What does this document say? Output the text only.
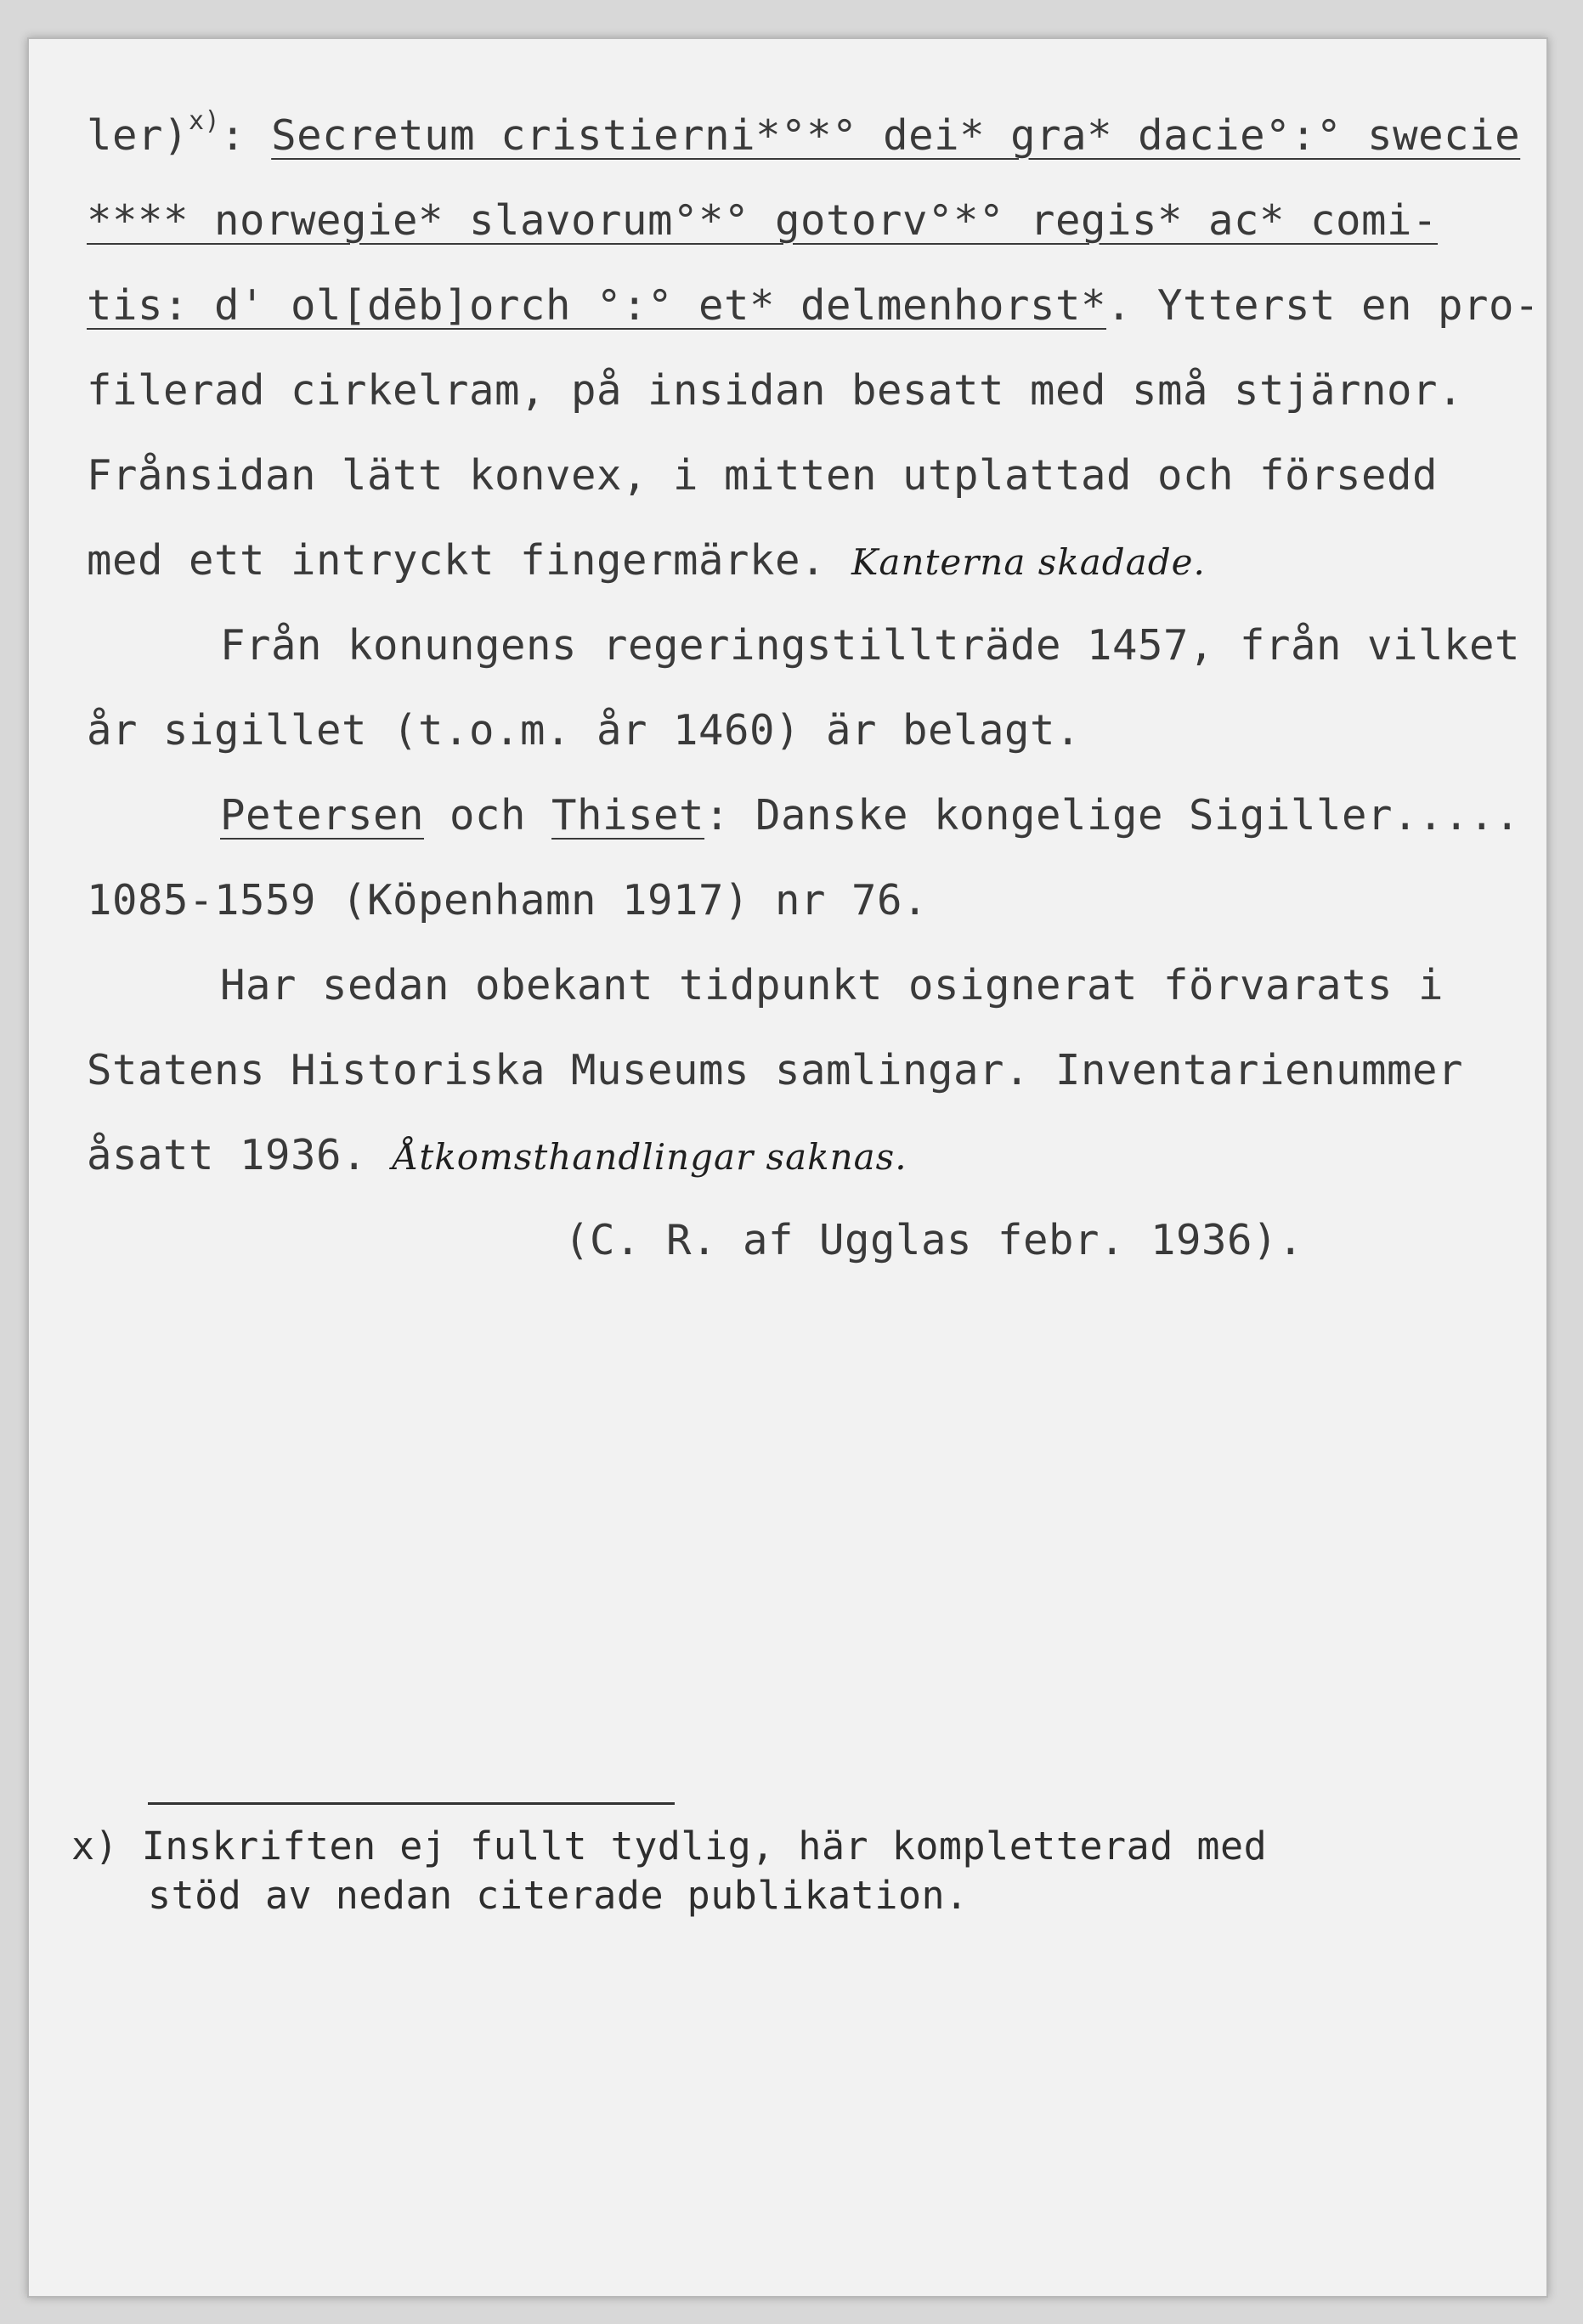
ler)$^{x)}$: Secretum cristierni*°*° dei* gra* dacie°:° swecie
**** norwegie* slavorum°*° gotorv°*° regis* ac* comi-
tis: d' ol[dēb]orch °:° et* delmenhorst*. Ytterst en pro-
filerad cirkelram, på insidan besatt med små stjärnor.
Frånsidan lätt konvex, i mitten utplattad och försedd
med ett intryckt fingermärke. Kanterna skadade.
Från konungens regeringstillträde 1457, från vilket
år sigillet (t.o.m. år 1460) är belagt.
Petersen och Thiset: Danske kongelige Sigiller.....
1085-1559 (Köpenhamn 1917) nr 76.
Har sedan obekant tidpunkt osignerat förvarats i
Statens Historiska Museums samlingar. Inventarienummer
åsatt 1936. Åtkomsthandlingar saknas.
(C. R. af Ugglas febr. 1936).
x) Inskriften ej fullt tydlig, här kompletterad med
stöd av nedan citerade publikation.
